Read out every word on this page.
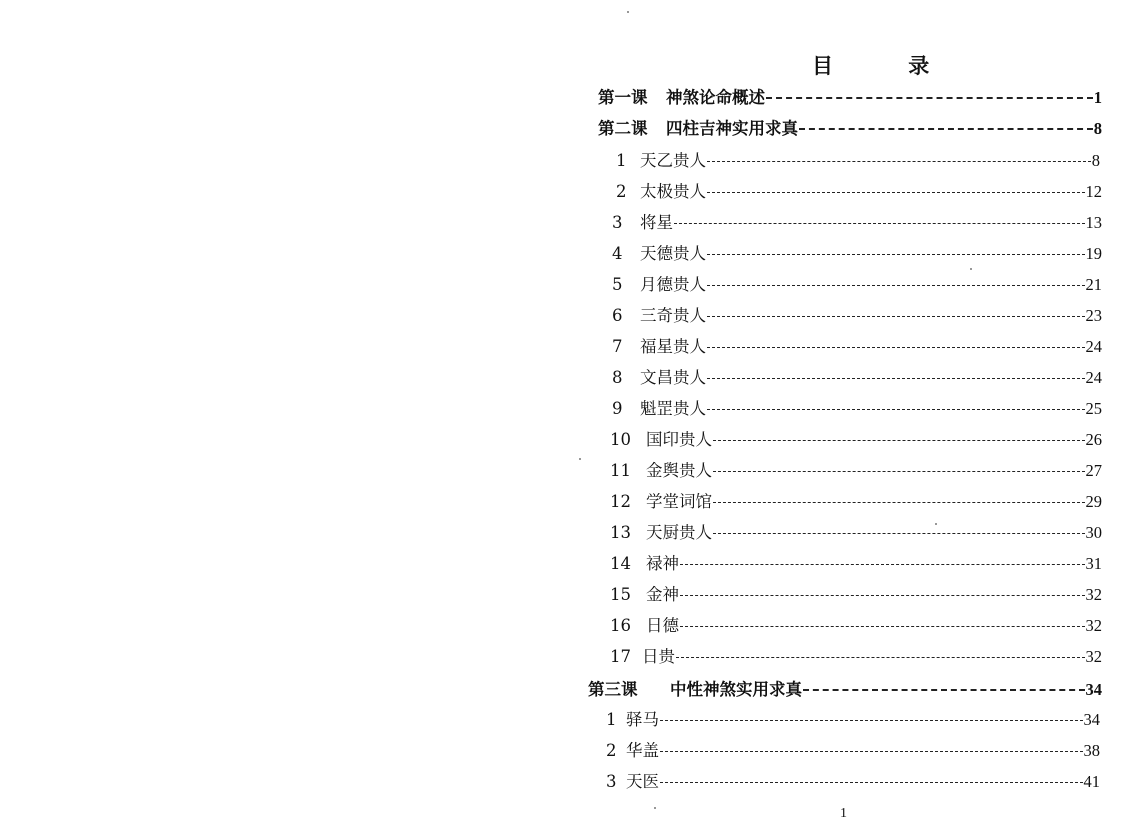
目 录
第一课 神煞论命概述	1
第二课 四柱吉神实用求真	8
1 天乙贵人	8
2 太极贵人	12
3 将星	13
4 天德贵人	19
5 月德贵人	21
6 三奇贵人	23
7 福星贵人	24
8 文昌贵人	24
9 魁罡贵人	25
10 国印贵人	26
11 金舆贵人	27
12 学堂词馆	29
13 天厨贵人	30
14 禄神	31
15 金神	32
16 日德	32
17 日贵	32
第三课 中性神煞实用求真	34
1 驿马	34
2 华盖	38
3 天医	41
1
